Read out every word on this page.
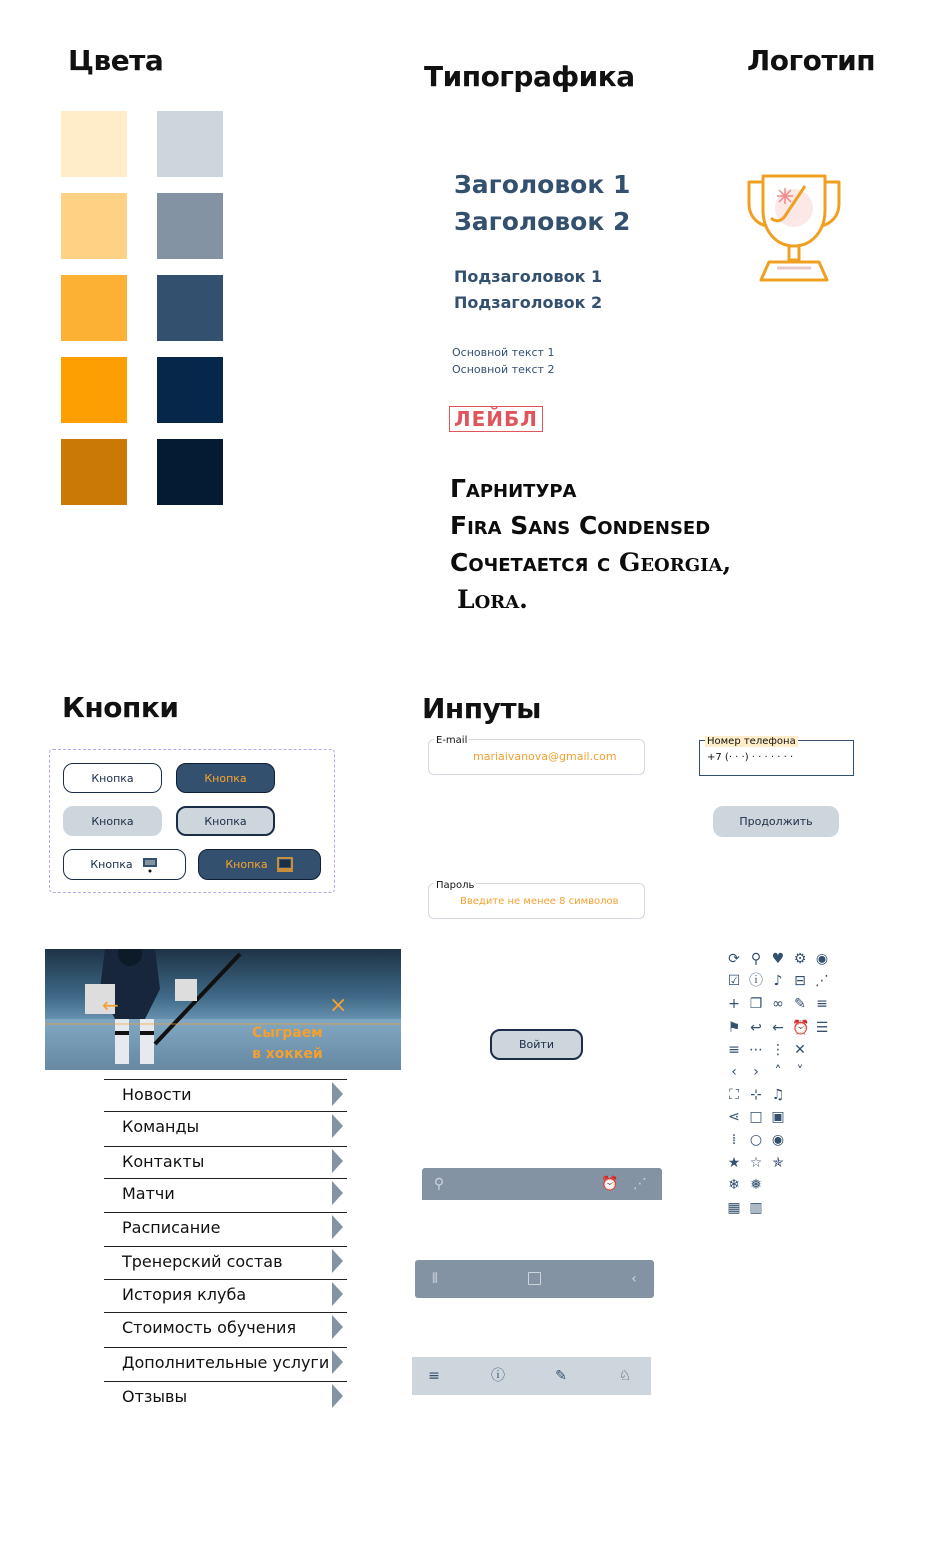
Цвета	Типографика	Логотип
Кнопки	Инпуты
Заголовок 1
Заголовок 2
Подзаголовок 1
Подзаголовок 2
Основной текст 1
Основной текст 2
ЛЕЙБЛ
Гарнитура
Fira Sans Condensed
Сочетается с Georgia,
Lora.
Кнопка	Кнопка
Кнопка	Кнопка
Кнопка	Кнопка
E-mail
mariaivanova@gmail.com
Номер телефона
+7 (· · ·) · · · · · · ·
Продолжить
Пароль
Введите не менее 8 символов
Войти
←	×
Сыграем
в хоккей
Новости
Команды
Контакты
Матчи
Расписание
Тренерский состав
История клуба
Стоимость обучения
Дополнительные услуги
Отзывы
⟳ ⚲ ♥ ⚙ ◉
☑ ⓘ ♪ ⊟ ⋰
+ ❐ ∞ ✎ ≡
⚑ ↩ ← ⏰ ☰
≡ ⋯ ⋮ ✕
‹	›	˄	˅
⛶ ⊹ ♫
⋖ □ ▣
⁞ ○ ◉
★ ☆ ✯
❄ ❅
▦ ▥
⚲	⏰ ⋰
⦀	‹
≡	ⓘ	✎	♘
